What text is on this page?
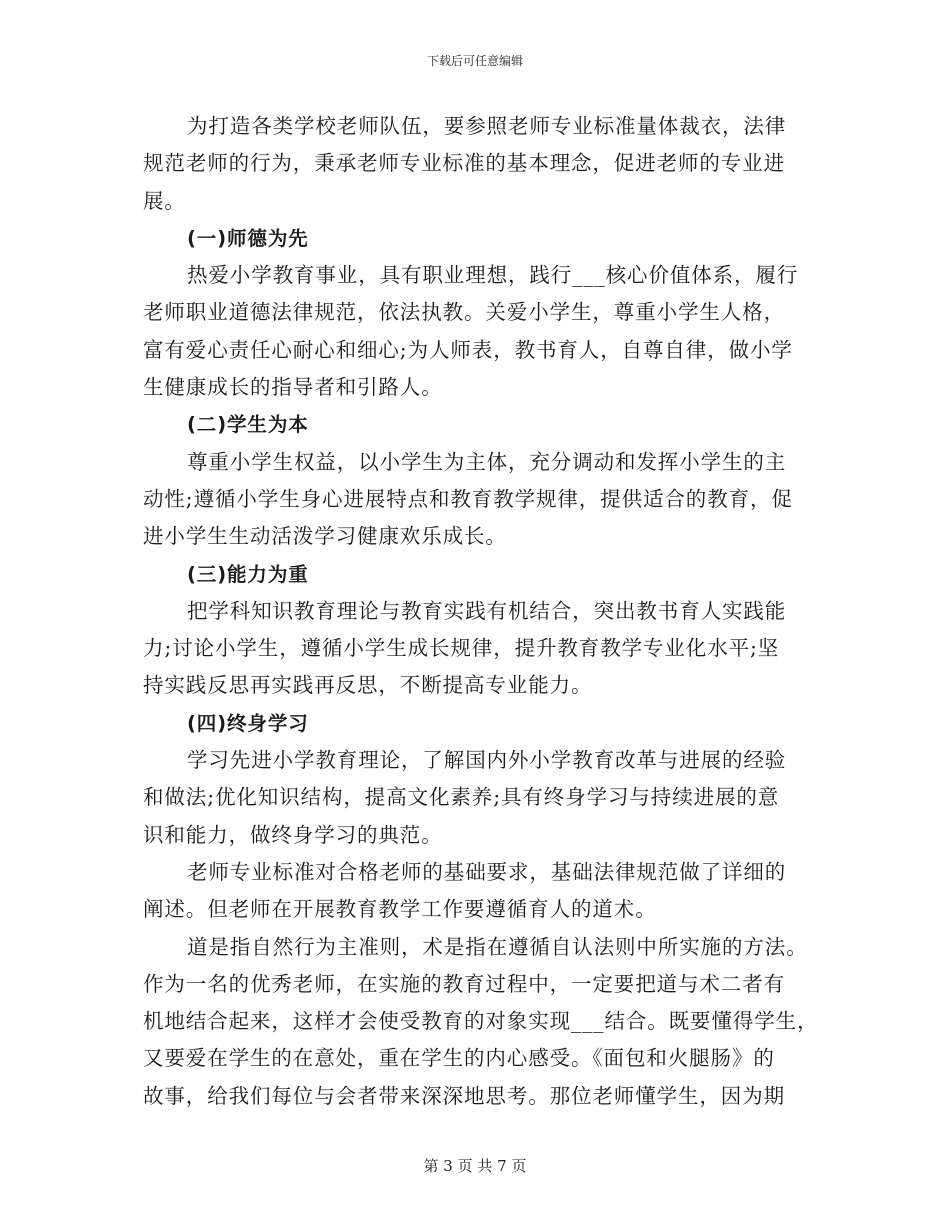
下载后可任意编辑
为打造各类学校老师队伍，要参照老师专业标准量体裁衣，法律
规范老师的行为，秉承老师专业标准的基本理念，促进老师的专业进
展。
(一)师德为先
热爱小学教育事业，具有职业理想，践行___核心价值体系，履行
老师职业道德法律规范，依法执教。关爱小学生，尊重小学生人格，
富有爱心责任心耐心和细心;为人师表，教书育人，自尊自律，做小学
生健康成长的指导者和引路人。
(二)学生为本
尊重小学生权益，以小学生为主体，充分调动和发挥小学生的主
动性;遵循小学生身心进展特点和教育教学规律，提供适合的教育，促
进小学生生动活泼学习健康欢乐成长。
(三)能力为重
把学科知识教育理论与教育实践有机结合，突出教书育人实践能
力;讨论小学生，遵循小学生成长规律，提升教育教学专业化水平;坚
持实践反思再实践再反思，不断提高专业能力。
(四)终身学习
学习先进小学教育理论，了解国内外小学教育改革与进展的经验
和做法;优化知识结构，提高文化素养;具有终身学习与持续进展的意
识和能力，做终身学习的典范。
老师专业标准对合格老师的基础要求，基础法律规范做了详细的
阐述。但老师在开展教育教学工作要遵循育人的道术。
道是指自然行为主准则，术是指在遵循自认法则中所实施的方法。
作为一名的优秀老师，在实施的教育过程中，一定要把道与术二者有
机地结合起来，这样才会使受教育的对象实现___结合。既要懂得学生，
又要爱在学生的在意处，重在学生的内心感受。《面包和火腿肠》的
故事，给我们每位与会者带来深深地思考。那位老师懂学生，因为期
第 3 页 共 7 页
